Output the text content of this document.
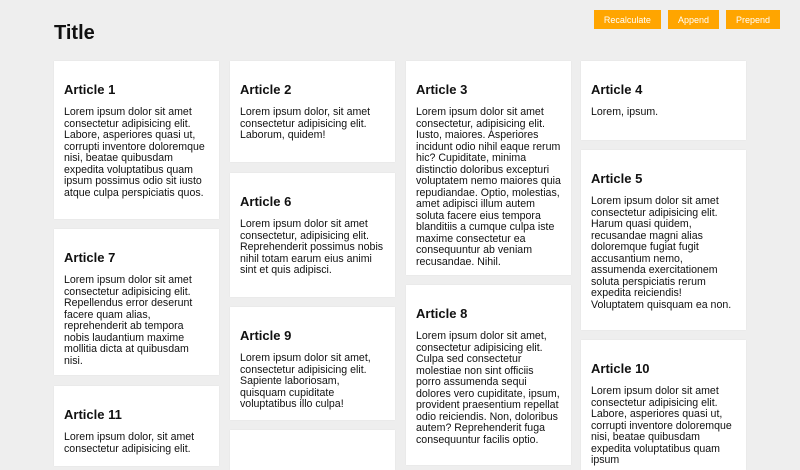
Title
Recalculate	Append	Prepend
Article 1

Lorem ipsum dolor sit amet consectetur adipisicing elit. Labore, asperiores quasi ut, corrupti inventore doloremque nisi, beatae quibusdam expedita voluptatibus quam ipsum possimus odio sit iusto atque culpa perspiciatis quos.

Article 7

Lorem ipsum dolor sit amet consectetur adipisicing elit. Repellendus error deserunt facere quam alias, reprehenderit ab tempora nobis laudantium maxime mollitia dicta at quibusdam nisi.

Article 11

Lorem ipsum dolor, sit amet consectetur adipisicing elit.

Article 2

Lorem ipsum dolor, sit amet consectetur adipisicing elit. Laborum, quidem!

Article 6

Lorem ipsum dolor sit amet consectetur, adipisicing elit. Reprehenderit possimus nobis nihil totam earum eius animi sint et quis adipisci.

Article 9

Lorem ipsum dolor sit amet, consectetur adipisicing elit. Sapiente laboriosam, quisquam cupiditate voluptatibus illo culpa!

Article 3

Lorem ipsum dolor sit amet consectetur, adipisicing elit. Iusto, maiores. Asperiores incidunt odio nihil eaque rerum hic? Cupiditate, minima distinctio doloribus excepturi voluptatem nemo maiores quia repudiandae. Optio, molestias, amet adipisci illum autem soluta facere eius tempora blanditiis a cumque culpa iste maxime consectetur ea consequuntur ab veniam recusandae. Nihil.

Article 8

Lorem ipsum dolor sit amet, consectetur adipisicing elit. Culpa sed consectetur molestiae non sint officiis porro assumenda sequi dolores vero cupiditate, ipsum, provident praesentium repellat odio reiciendis. Non, doloribus autem? Reprehenderit fuga consequuntur facilis optio.

Article 4

Lorem, ipsum.

Article 5

Lorem ipsum dolor sit amet consectetur adipisicing elit. Harum quasi quidem, recusandae magni alias doloremque fugiat fugit accusantium nemo, assumenda exercitationem soluta perspiciatis rerum expedita reiciendis! Voluptatem quisquam ea non.

Article 10

Lorem ipsum dolor sit amet consectetur adipisicing elit. Labore, asperiores quasi ut, corrupti inventore doloremque nisi, beatae quibusdam expedita voluptatibus quam ipsum
